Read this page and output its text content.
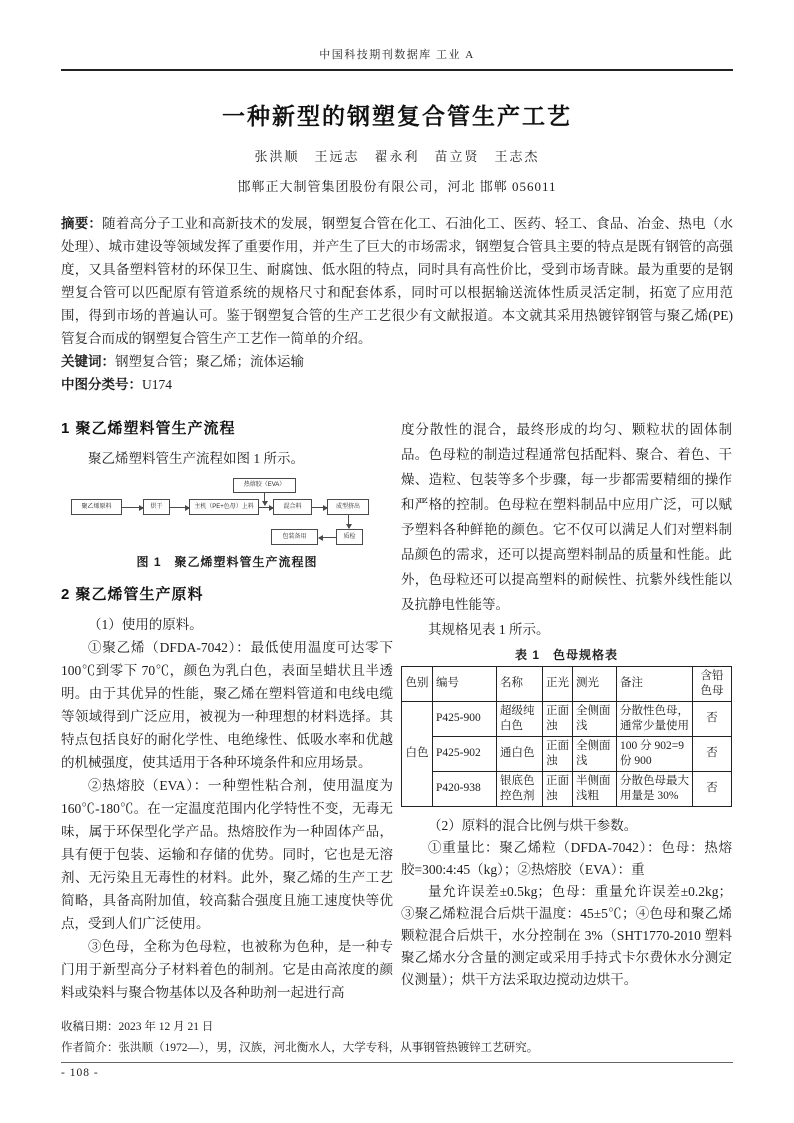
中国科技期刊数据库 工业 A
一种新型的钢塑复合管生产工艺
张洪顺　王远志　翟永利　苗立贤　王志杰
邯郸正大制管集团股份有限公司，河北 邯郸 056011

摘要：随着高分子工业和高新技术的发展，钢塑复合管在化工、石油化工、医药、轻工、食品、冶金、热电（水处理）、城市建设等领域发挥了重要作用，并产生了巨大的市场需求，钢塑复合管具主要的特点是既有钢管的高强度，又具备塑料管材的环保卫生、耐腐蚀、低水阻的特点，同时具有高性价比，受到市场青睐。最为重要的是钢塑复合管可以匹配原有管道系统的规格尺寸和配套体系，同时可以根据输送流体性质灵活定制，拓宽了应用范围，得到市场的普遍认可。鉴于钢塑复合管的生产工艺很少有文献报道。本文就其采用热镀锌钢管与聚乙烯(PE)管复合而成的钢塑复合管生产工艺作一简单的介绍。

关键词：钢塑复合管；聚乙烯；流体运输

中图分类号：U174

1 聚乙烯塑料管生产流程

聚乙烯塑料管生产流程如图 1 所示。

热熔胶（EVA）
聚乙烯原料	烘干	主机（PE+色母）上料	混合料	成型挤出
包装备用	质检
图 1　聚乙烯塑料管生产流程图
2 聚乙烯管生产原料

（1）使用的原料。

①聚乙烯（DFDA-7042）：最低使用温度可达零下100℃到零下 70℃，颜色为乳白色，表面呈蜡状且半透明。由于其优异的性能，聚乙烯在塑料管道和电线电缆等领域得到广泛应用，被视为一种理想的材料选择。其特点包括良好的耐化学性、电绝缘性、低吸水率和优越的机械强度，使其适用于各种环境条件和应用场景。

②热熔胶（EVA）：一种塑性粘合剂，使用温度为160℃-180℃。在一定温度范围内化学特性不变，无毒无味，属于环保型化学产品。热熔胶作为一种固体产品，具有便于包装、运输和存储的优势。同时，它也是无溶剂、无污染且无毒性的材料。此外，聚乙烯的生产工艺简略，具备高附加值，较高黏合强度且施工速度快等优点，受到人们广泛使用。

③色母，全称为色母粒，也被称为色种，是一种专门用于新型高分子材料着色的制剂。它是由高浓度的颜料或染料与聚合物基体以及各种助剂一起进行高

度分散性的混合，最终形成的均匀、颗粒状的固体制品。色母粒的制造过程通常包括配料、聚合、着色、干燥、造粒、包装等多个步骤，每一步都需要精细的操作和严格的控制。色母粒在塑料制品中应用广泛，可以赋予塑料各种鲜艳的颜色。它不仅可以满足人们对塑料制品颜色的需求，还可以提高塑料制品的质量和性能。此外，色母粒还可以提高塑料的耐候性、抗紫外线性能以及抗静电性能等。

其规格见表 1 所示。

表 1　色母规格表
色别	编号	名称	正光	测光	备注	含铅色母
白色	P425-900	超级纯白色	正面浊	全侧面浅	分散性色母，通常少量使用	否
	P425-902	通白色	正面浊	全侧面浅	100 分 902=9 份 900	否
	P420-938	银底色控色剂	正面浊	半侧面浅粗	分散色母最大用量是 30%	否

（2）原料的混合比例与烘干参数。

①重量比：聚乙烯粒（DFDA-7042）：色母：热熔胶=300:4:45（kg）；②热熔胶（EVA）：重

量允许误差±0.5kg；色母：重量允许误差±0.2kg；③聚乙烯粒混合后烘干温度：45±5℃；④色母和聚乙烯颗粒混合后烘干，水分控制在 3%（SHT1770-2010 塑料 聚乙烯水分含量的测定或采用手持式卡尔费休水分测定仪测量）；烘干方法采取边搅动边烘干。

收稿日期：2023 年 12 月 21 日
作者简介：张洪顺（1972—），男，汉族，河北衡水人，大学专科，从事钢管热镀锌工艺研究。
- 108 -
